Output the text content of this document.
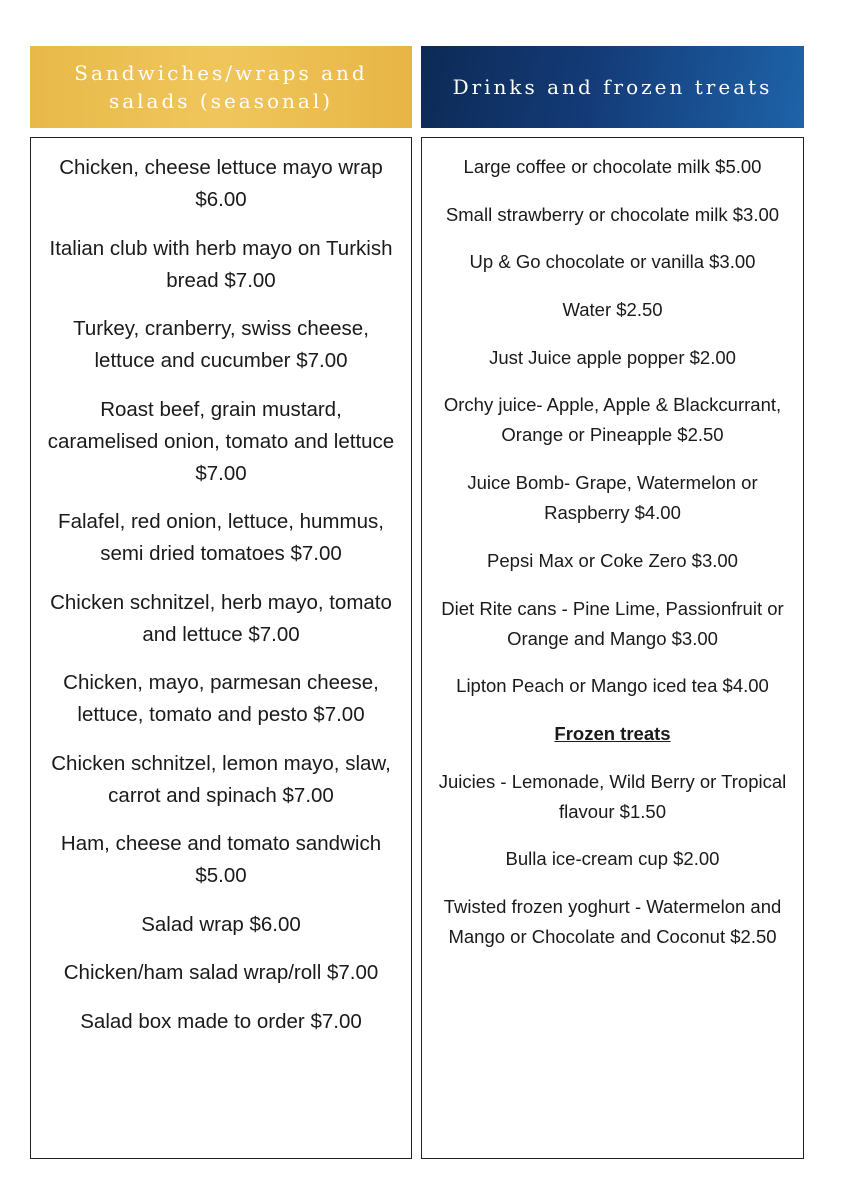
Sandwiches/wraps and
salads (seasonal)
Drinks and frozen treats

Chicken, cheese lettuce mayo wrap $6.00

Italian club with herb mayo on Turkish bread $7.00

Turkey, cranberry, swiss cheese, lettuce and cucumber $7.00

Roast beef, grain mustard, caramelised onion, tomato and lettuce $7.00

Falafel, red onion, lettuce, hummus, semi dried tomatoes $7.00

Chicken schnitzel, herb mayo, tomato and lettuce $7.00

Chicken, mayo, parmesan cheese, lettuce, tomato and pesto $7.00

Chicken schnitzel, lemon mayo, slaw, carrot and spinach $7.00

Ham, cheese and tomato sandwich $5.00

Salad wrap $6.00

Chicken/ham salad wrap/roll $7.00

Salad box made to order $7.00

Large coffee or chocolate milk $5.00

Small strawberry or chocolate milk $3.00

Up & Go chocolate or vanilla $3.00

Water $2.50

Just Juice apple popper $2.00

Orchy juice- Apple, Apple & Blackcurrant, Orange or Pineapple $2.50

Juice Bomb- Grape, Watermelon or Raspberry $4.00

Pepsi Max or Coke Zero $3.00

Diet Rite cans - Pine Lime, Passionfruit or Orange and Mango $3.00

Lipton Peach or Mango iced tea $4.00

Frozen treats

Juicies - Lemonade, Wild Berry or Tropical flavour $1.50

Bulla ice-cream cup $2.00

Twisted frozen yoghurt - Watermelon and Mango or Chocolate and Coconut $2.50
